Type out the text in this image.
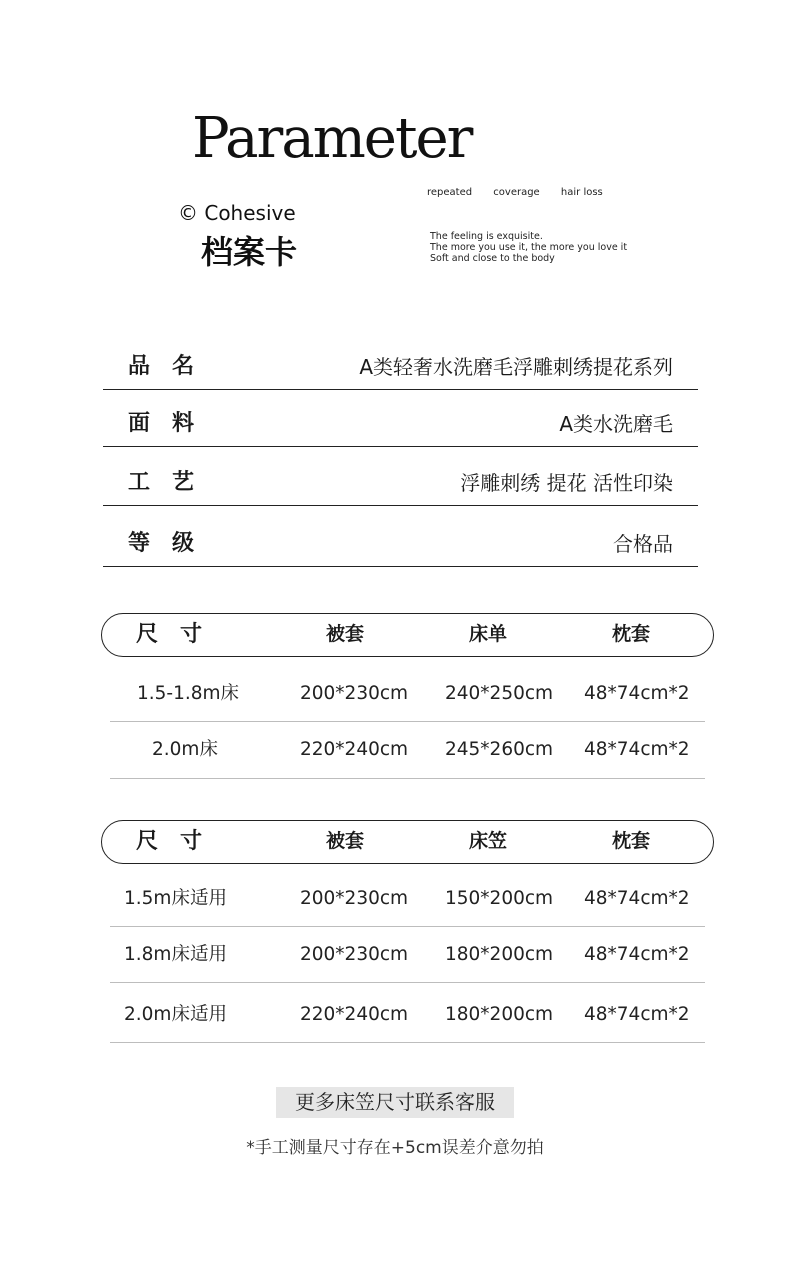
Parameter
© Cohesive
档案卡
repeated coverage hair loss
The feeling is exquisite.
The more you use it, the more you love it
Soft and close to the body
品名	A类轻奢水洗磨毛浮雕刺绣提花系列
面料	A类水洗磨毛
工艺	浮雕刺绣 提花 活性印染
等级	合格品
尺寸	被套	床单	枕套
1.5-1.8m床	200*230cm 240*250cm 48*74cm*2
2.0m床	220*240cm 245*260cm 48*74cm*2
尺寸	被套	床笠	枕套
1.5m床适用	200*230cm 150*200cm 48*74cm*2
1.8m床适用	200*230cm 180*200cm 48*74cm*2
2.0m床适用	220*240cm 180*200cm 48*74cm*2
更多床笠尺寸联系客服
*手工测量尺寸存在+5cm误差介意勿拍
